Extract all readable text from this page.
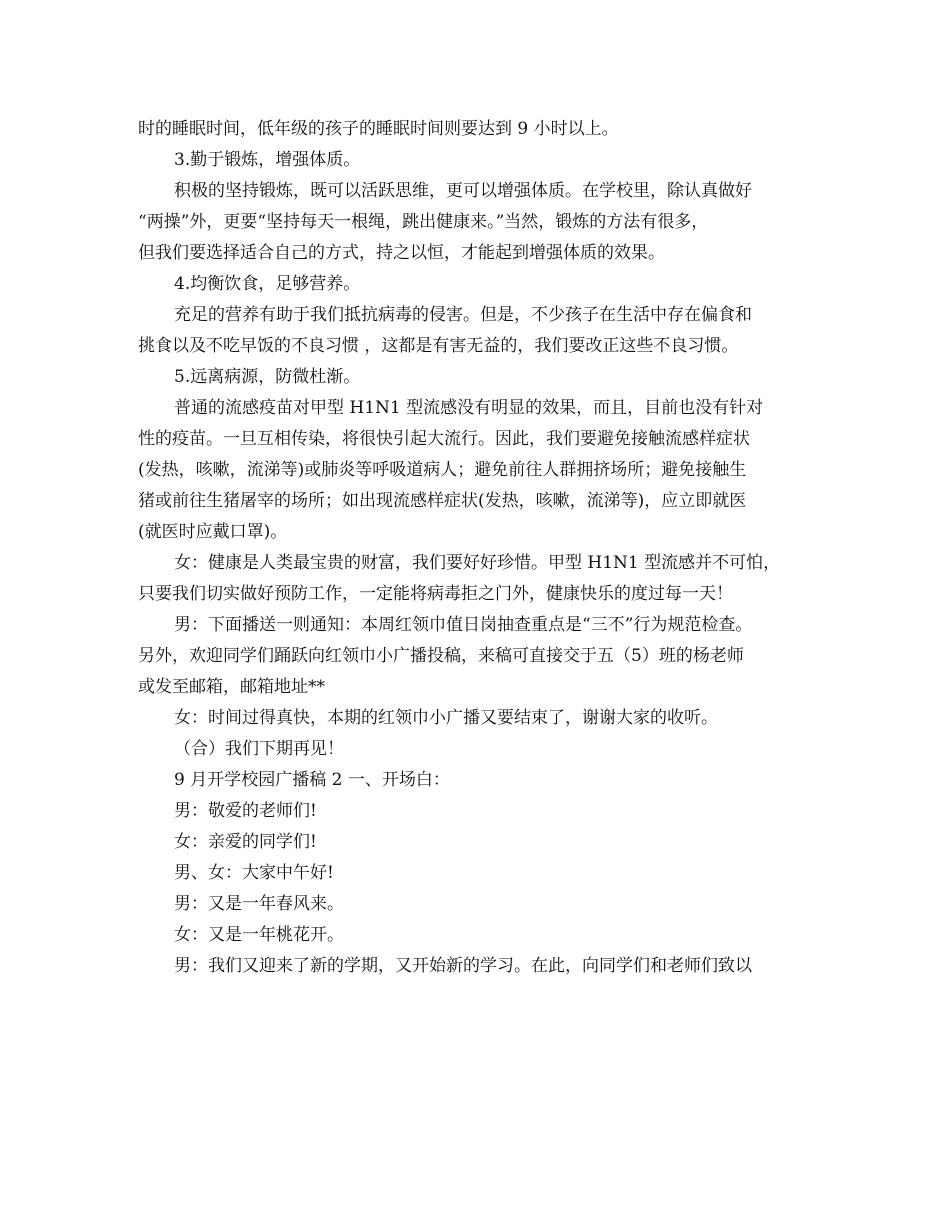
时的睡眠时间，低年级的孩子的睡眠时间则要达到 9 小时以上。
3.勤于锻炼，增强体质。
积极的坚持锻炼，既可以活跃思维，更可以增强体质。在学校里，除认真做好
“两操”外，更要“坚持每天一根绳，跳出健康来。”当然，锻炼的方法有很多，
但我们要选择适合自己的方式，持之以恒，才能起到增强体质的效果。
4.均衡饮食，足够营养。
充足的营养有助于我们抵抗病毒的侵害。但是，不少孩子在生活中存在偏食和
挑食以及不吃早饭的不良习惯 ，这都是有害无益的，我们要改正这些不良习惯。
5.远离病源，防微杜渐。
普通的流感疫苗对甲型 H1N1 型流感没有明显的效果，而且，目前也没有针对
性的疫苗。一旦互相传染，将很快引起大流行。因此，我们要避免接触流感样症状
(发热，咳嗽，流涕等)或肺炎等呼吸道病人；避免前往人群拥挤场所；避免接触生
猪或前往生猪屠宰的场所；如出现流感样症状(发热，咳嗽，流涕等)，应立即就医
(就医时应戴口罩)。
女：健康是人类最宝贵的财富，我们要好好珍惜。甲型 H1N1 型流感并不可怕，
只要我们切实做好预防工作，一定能将病毒拒之门外，健康快乐的度过每一天！
男：下面播送一则通知：本周红领巾值日岗抽查重点是“三不”行为规范检查。
另外，欢迎同学们踊跃向红领巾小广播投稿，来稿可直接交于五（5）班的杨老师
或发至邮箱，邮箱地址**
女：时间过得真快，本期的红领巾小广播又要结束了，谢谢大家的收听。
（合）我们下期再见！
9 月开学校园广播稿 2 一、开场白：
男：敬爱的老师们!
女：亲爱的同学们!
男、女：大家中午好!
男：又是一年春风来。
女：又是一年桃花开。
男：我们又迎来了新的学期，又开始新的学习。在此，向同学们和老师们致以
